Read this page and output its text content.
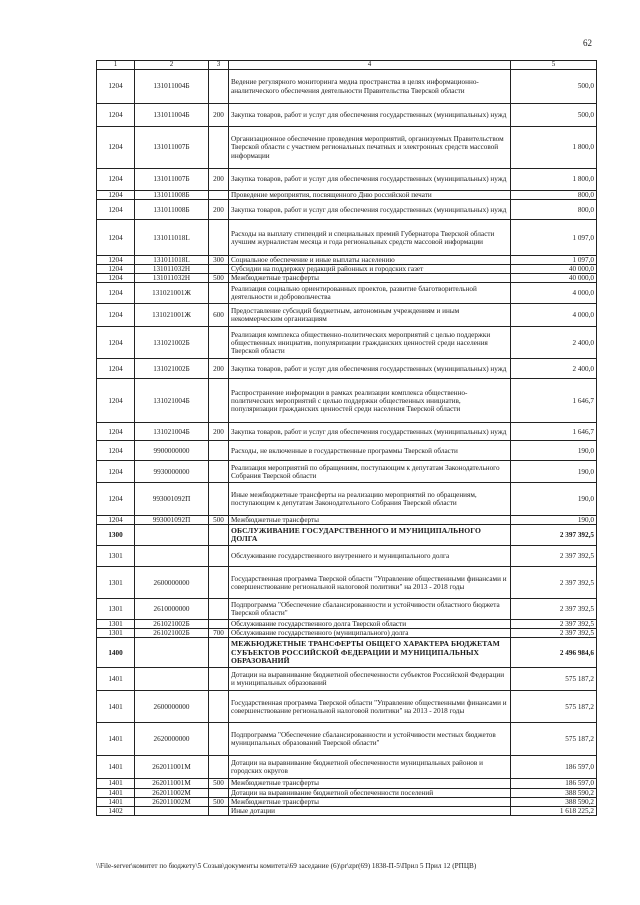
62
1	2	3	4	5
1204	131011004Б		Ведение регулярного мониторинга медиа пространства в целях информационно-аналитического обеспечения деятельности Правительства Тверской области	500,0
1204	131011004Б	200	Закупка товаров, работ и услуг для обеспечения государственных (муниципальных) нужд	500,0
1204	131011007Б		Организационное обеспечение проведения мероприятий, организуемых Правительством Тверской области с участием региональных печатных и электронных средств массовой информации	1 800,0
1204	131011007Б	200	Закупка товаров, работ и услуг для обеспечения государственных (муниципальных) нужд	1 800,0
1204	131011008Б		Проведение мероприятия, посвященного Дню российской печати	800,0
1204	131011008Б	200	Закупка товаров, работ и услуг для обеспечения государственных (муниципальных) нужд	800,0
1204	131011018L		Расходы на выплату стипендий и специальных премий Губернатора Тверской области лучшим журналистам месяца и года региональных средств массовой информации	1 097,0
1204	131011018L	300	Социальное обеспечение и иные выплаты населению	1 097,0
1204	131011032Н		Субсидии на поддержку редакций районных и городских газет	40 000,0
1204	131011032Н	500	Межбюджетные трансферты	40 000,0
1204	131021001Ж		Реализация социально ориентированных проектов, развитие благотворительной деятельности и добровольчества	4 000,0
1204	131021001Ж	600	Предоставление субсидий бюджетным, автономным учреждениям и иным некоммерческим организациям	4 000,0
1204	131021002Б		Реализация комплекса общественно-политических мероприятий с целью поддержки общественных инициатив, популяризации гражданских ценностей среди населения Тверской области	2 400,0
1204	131021002Б	200	Закупка товаров, работ и услуг для обеспечения государственных (муниципальных) нужд	2 400,0
1204	131021004Б		Распространение информации в рамках реализации комплекса общественно-политических мероприятий с целью поддержки общественных инициатив, популяризации гражданских ценностей среди населения Тверской области	1 646,7
1204	131021004Б	200	Закупка товаров, работ и услуг для обеспечения государственных (муниципальных) нужд	1 646,7
1204	9900000000		Расходы, не включенные в государственные программы Тверской области	190,0
1204	9930000000		Реализация мероприятий по обращениям, поступающим к депутатам Законодательного Собрания Тверской области	190,0
1204	993001092П		Иные межбюджетные трансферты на реализацию мероприятий по обращениям, поступающим к депутатам Законодательного Собрания Тверской области	190,0
1204	993001092П	500	Межбюджетные трансферты	190,0
1300			ОБСЛУЖИВАНИЕ ГОСУДАРСТВЕННОГО И МУНИЦИПАЛЬНОГО ДОЛГА	2 397 392,5
1301			Обслуживание государственного внутреннего и муниципального долга	2 397 392,5
1301	2600000000		Государственная программа Тверской области "Управление общественными финансами и совершенствование региональной налоговой политики" на 2013 - 2018 годы	2 397 392,5
1301	2610000000		Подпрограмма "Обеспечение сбалансированности и устойчивости областного бюджета Тверской области"	2 397 392,5
1301	261021002Б		Обслуживание государственного долга Тверской области	2 397 392,5
1301	261021002Б	700	Обслуживание государственного (муниципального) долга	2 397 392,5
1400			МЕЖБЮДЖЕТНЫЕ ТРАНСФЕРТЫ ОБЩЕГО ХАРАКТЕРА БЮДЖЕТАМ СУБЪЕКТОВ РОССИЙСКОЙ ФЕДЕРАЦИИ И МУНИЦИПАЛЬНЫХ ОБРАЗОВАНИЙ	2 496 984,6
1401			Дотации на выравнивание бюджетной обеспеченности субъектов Российской Федерации и муниципальных образований	575 187,2
1401	2600000000		Государственная программа Тверской области "Управление общественными финансами и совершенствование региональной налоговой политики" на 2013 - 2018 годы	575 187,2
1401	2620000000		Подпрограмма "Обеспечение сбалансированности и устойчивости местных бюджетов муниципальных образований Тверской области"	575 187,2
1401	262011001М		Дотации на выравнивание бюджетной обеспеченности муниципальных районов и городских округов	186 597,0
1401	262011001М	500	Межбюджетные трансферты	186 597,0
1401	262011002М		Дотации на выравнивание бюджетной обеспеченности поселений	388 590,2
1401	262011002М	500	Межбюджетные трансферты	388 590,2
1402			Иные дотации	1 618 225,2
\\File-server\комитет по бюджету\5 Созыв\документы комитета\69 заседание (6)\pr\zpr(69) 1838-П-5\Прил 5 Прил 12 (РПЦВ)
